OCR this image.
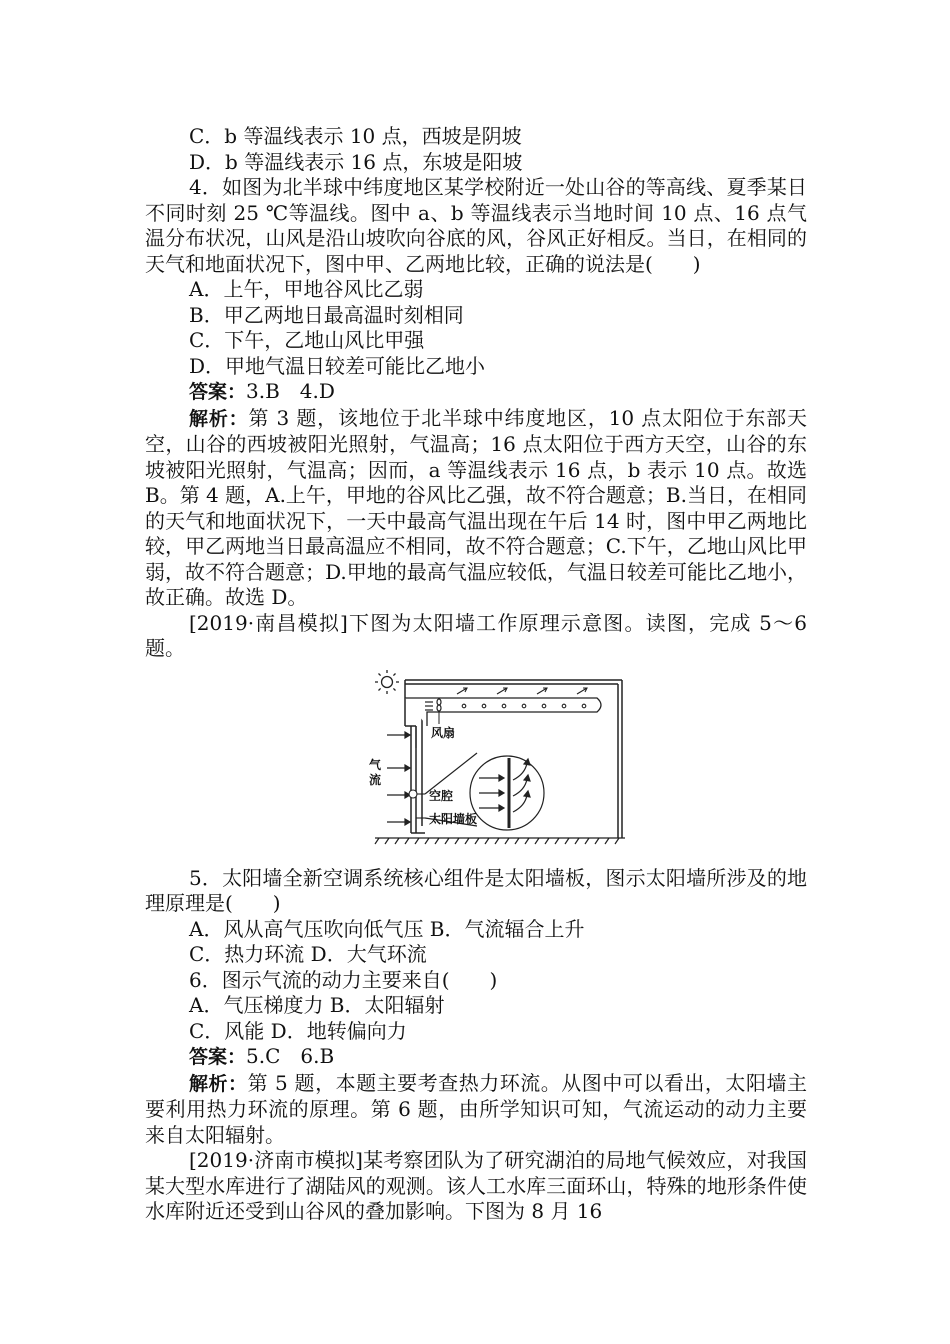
C．b 等温线表示 10 点，西坡是阴坡

D．b 等温线表示 16 点，东坡是阳坡

4．如图为北半球中纬度地区某学校附近一处山谷的等高线、夏季某日不同时刻 25 ℃等温线。图中 a、b 等温线表示当地时间 10 点、16 点气温分布状况，山风是沿山坡吹向谷底的风，谷风正好相反。当日，在相同的天气和地面状况下，图中甲、乙两地比较，正确的说法是(　　)

A．上午，甲地谷风比乙弱

B．甲乙两地日最高温时刻相同

C．下午，乙地山风比甲强

D．甲地气温日较差可能比乙地小

答案：3.B　4.D

解析：第 3 题，该地位于北半球中纬度地区，10 点太阳位于东部天空，山谷的西坡被阳光照射，气温高；16 点太阳位于西方天空，山谷的东坡被阳光照射，气温高；因而，a 等温线表示 16 点，b 表示 10 点。故选 B。第 4 题，A.上午，甲地的谷风比乙强，故不符合题意；B.当日，在相同的天气和地面状况下，一天中最高气温出现在午后 14 时，图中甲乙两地比较，甲乙两地当日最高温应不相同，故不符合题意；C.下午，乙地山风比甲弱，故不符合题意；D.甲地的最高气温应较低，气温日较差可能比乙地小，故正确。故选 D。

[2019·南昌模拟]下图为太阳墙工作原理示意图。读图，完成 5～6 题。

风扇
气
流
空腔
太阳墙板

5．太阳墙全新空调系统核心组件是太阳墙板，图示太阳墙所涉及的地理原理是(　　)

A．风从高气压吹向低气压 B．气流辐合上升

C．热力环流 D．大气环流

6．图示气流的动力主要来自(　　)

A．气压梯度力 B．太阳辐射

C．风能 D．地转偏向力

答案：5.C　6.B

解析：第 5 题，本题主要考查热力环流。从图中可以看出，太阳墙主要利用热力环流的原理。第 6 题，由所学知识可知，气流运动的动力主要来自太阳辐射。

[2019·济南市模拟]某考察团队为了研究湖泊的局地气候效应，对我国某大型水库进行了湖陆风的观测。该人工水库三面环山，特殊的地形条件使水库附近还受到山谷风的叠加影响。下图为 8 月 16
